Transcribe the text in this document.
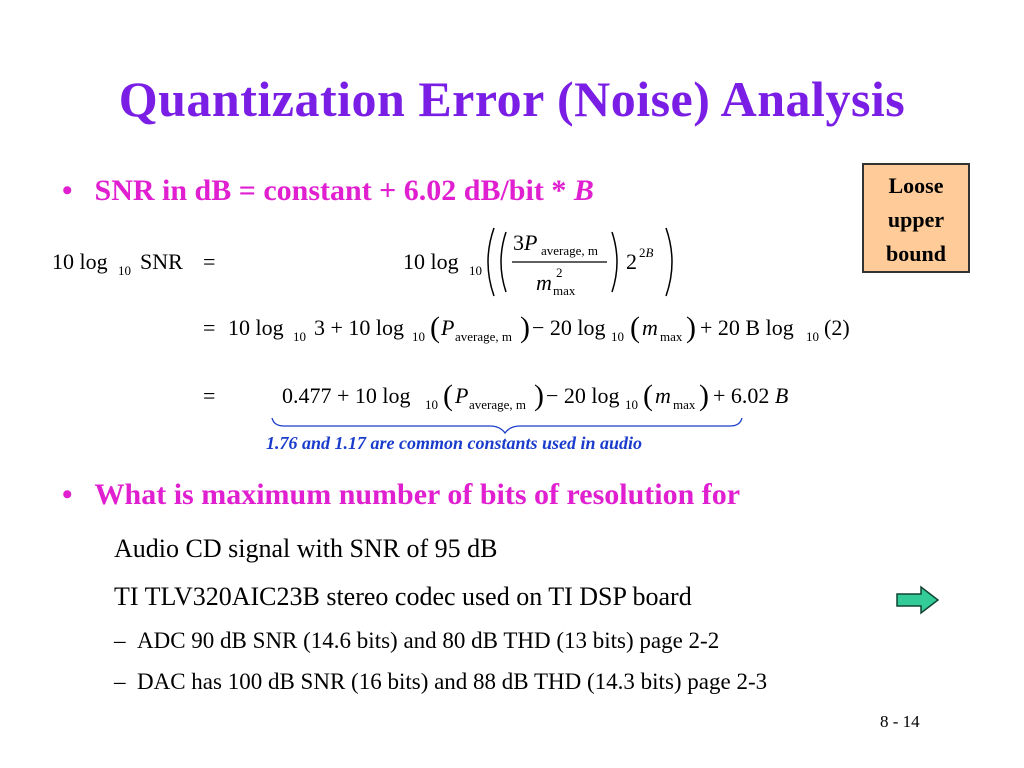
Quantization Error (Noise) Analysis
• SNR in dB = constant + 6.02 dB/bit * B	Loose
upper
bound
10 log 10 SNR =	10 log 10
3P average, m
m 2
max
2 2B
= 10 log 10 3 + 10 log 10 ( P average, m ) − 20 log 10 ( m max ) + 20 B log 10 (2)
=	0.477 + 10 log 10 ( P average, m ) − 20 log 10 ( m max ) + 6.02 B
1.76 and 1.17 are common constants used in audio
• What is maximum number of bits of resolution for
Audio CD signal with SNR of 95 dB
TI TLV320AIC23B stereo codec used on TI DSP board
– ADC 90 dB SNR (14.6 bits) and 80 dB THD (13 bits) page 2-2
– DAC has 100 dB SNR (16 bits) and 88 dB THD (14.3 bits) page 2-3
8 - 14
